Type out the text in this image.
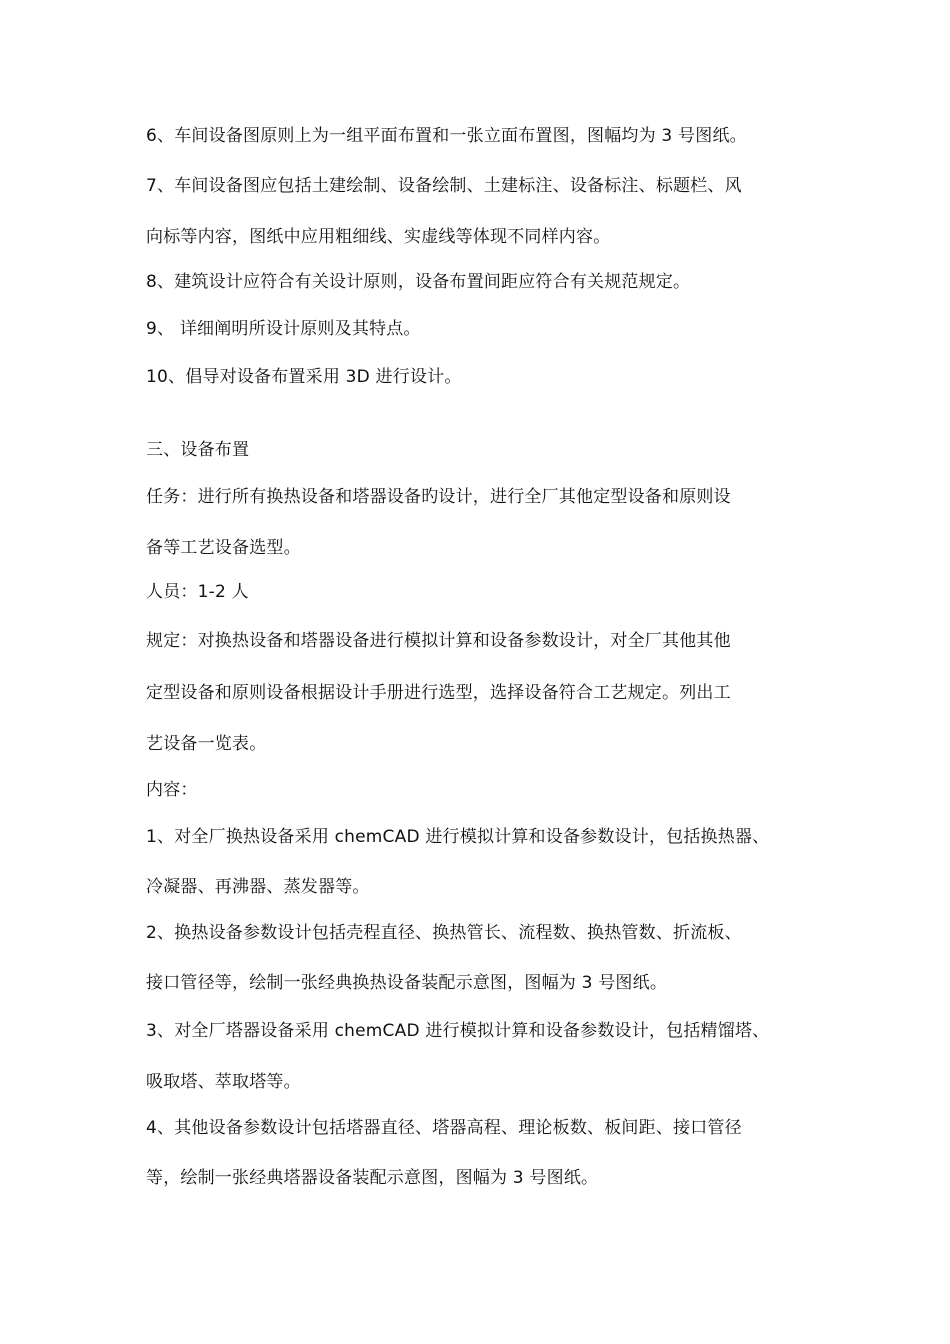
6、车间设备图原则上为一组平面布置和一张立面布置图，图幅均为 3 号图纸。
7、车间设备图应包括土建绘制、设备绘制、土建标注、设备标注、标题栏、风
向标等内容，图纸中应用粗细线、实虚线等体现不同样内容。
8、建筑设计应符合有关设计原则，设备布置间距应符合有关规范规定。
9、 详细阐明所设计原则及其特点。
10、倡导对设备布置采用 3D 进行设计。
三、设备布置
任务：进行所有换热设备和塔器设备旳设计，进行全厂其他定型设备和原则设
备等工艺设备选型。
人员：1-2 人
规定：对换热设备和塔器设备进行模拟计算和设备参数设计，对全厂其他其他
定型设备和原则设备根据设计手册进行选型，选择设备符合工艺规定。列出工
艺设备一览表。
内容：
1、对全厂换热设备采用 chemCAD 进行模拟计算和设备参数设计，包括换热器、
冷凝器、再沸器、蒸发器等。
2、换热设备参数设计包括壳程直径、换热管长、流程数、换热管数、折流板、
接口管径等，绘制一张经典换热设备装配示意图，图幅为 3 号图纸。
3、对全厂塔器设备采用 chemCAD 进行模拟计算和设备参数设计，包括精馏塔、
吸取塔、萃取塔等。
4、其他设备参数设计包括塔器直径、塔器高程、理论板数、板间距、接口管径
等，绘制一张经典塔器设备装配示意图，图幅为 3 号图纸。
